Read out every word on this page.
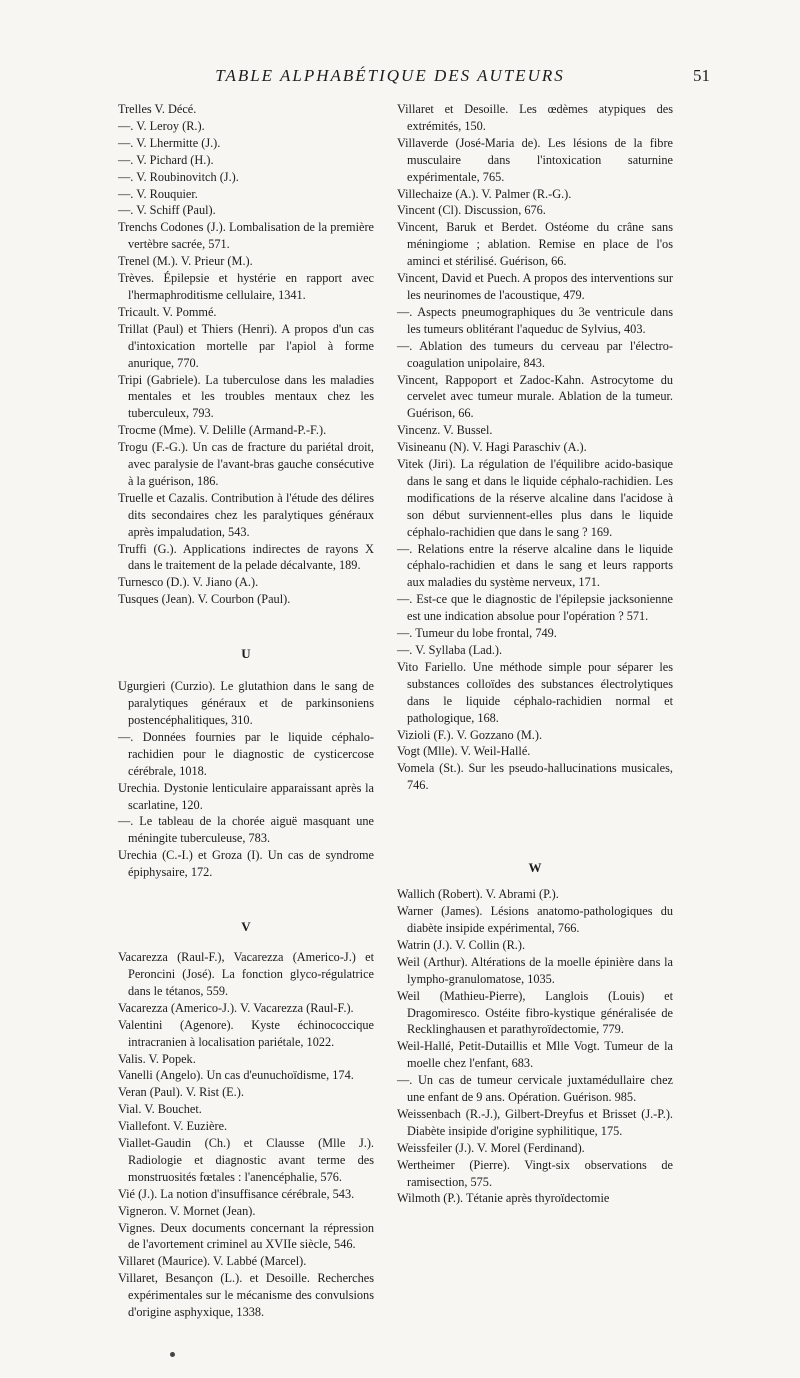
TABLE ALPHABÉTIQUE DES AUTEURS	51

Trelles V. Décé.

—. V. Leroy (R.).

—. V. Lhermitte (J.).

—. V. Pichard (H.).

—. V. Roubinovitch (J.).

—. V. Rouquier.

—. V. Schiff (Paul).

Trenchs Codones (J.). Lombalisation de la première vertèbre sacrée, 571.

Trenel (M.). V. Prieur (M.).

Trèves. Épilepsie et hystérie en rapport avec l'hermaphroditisme cellulaire, 1341.

Tricault. V. Pommé.

Trillat (Paul) et Thiers (Henri). A propos d'un cas d'intoxication mortelle par l'apiol à forme anurique, 770.

Tripi (Gabriele). La tuberculose dans les maladies mentales et les troubles mentaux chez les tuberculeux, 793.

Trocme (Mme). V. Delille (Armand-P.-F.).

Trogu (F.-G.). Un cas de fracture du pariétal droit, avec paralysie de l'avant-bras gauche consécutive à la guérison, 186.

Truelle et Cazalis. Contribution à l'étude des délires dits secondaires chez les paralytiques généraux après impaludation, 543.

Truffi (G.). Applications indirectes de rayons X dans le traitement de la pelade décalvante, 189.

Turnesco (D.). V. Jiano (A.).

Tusques (Jean). V. Courbon (Paul).

U

Ugurgieri (Curzio). Le glutathion dans le sang de paralytiques généraux et de parkinsoniens postencéphalitiques, 310.

—. Données fournies par le liquide céphalo-rachidien pour le diagnostic de cysticercose cérébrale, 1018.

Urechia. Dystonie lenticulaire apparaissant après la scarlatine, 120.

—. Le tableau de la chorée aiguë masquant une méningite tuberculeuse, 783.

Urechia (C.-I.) et Groza (I). Un cas de syndrome épiphysaire, 172.

V

Vacarezza (Raul-F.), Vacarezza (Americo-J.) et Peroncini (José). La fonction glyco-régulatrice dans le tétanos, 559.

Vacarezza (Americo-J.). V. Vacarezza (Raul-F.).

Valentini (Agenore). Kyste échinococcique intracranien à localisation pariétale, 1022.

Valis. V. Popek.

Vanelli (Angelo). Un cas d'eunuchoïdisme, 174.

Veran (Paul). V. Rist (E.).

Vial. V. Bouchet.

Viallefont. V. Euzière.

Viallet-Gaudin (Ch.) et Clausse (Mlle J.). Radiologie et diagnostic avant terme des monstruosités fœtales : l'anencéphalie, 576.

Vié (J.). La notion d'insuffisance cérébrale, 543.

Vigneron. V. Mornet (Jean).

Vignes. Deux documents concernant la répression de l'avortement criminel au XVIIe siècle, 546.

Villaret (Maurice). V. Labbé (Marcel).

Villaret, Besançon (L.). et Desoille. Recherches expérimentales sur le mécanisme des convulsions d'origine asphyxique, 1338.

Villaret et Desoille. Les œdèmes atypiques des extrémités, 150.

Villaverde (José-Maria de). Les lésions de la fibre musculaire dans l'intoxication saturnine expérimentale, 765.

Villechaize (A.). V. Palmer (R.-G.).

Vincent (Cl). Discussion, 676.

Vincent, Baruk et Berdet. Ostéome du crâne sans méningiome ; ablation. Remise en place de l'os aminci et stérilisé. Guérison, 66.

Vincent, David et Puech. A propos des interventions sur les neurinomes de l'acoustique, 479.

—. Aspects pneumographiques du 3e ventricule dans les tumeurs oblitérant l'aqueduc de Sylvius, 403.

—. Ablation des tumeurs du cerveau par l'électro-coagulation unipolaire, 843.

Vincent, Rappoport et Zadoc-Kahn. Astrocytome du cervelet avec tumeur murale. Ablation de la tumeur. Guérison, 66.

Vincenz. V. Bussel.

Visineanu (N). V. Hagi Paraschiv (A.).

Vitek (Jiri). La régulation de l'équilibre acido-basique dans le sang et dans le liquide céphalo-rachidien. Les modifications de la réserve alcaline dans l'acidose à son début surviennent-elles plus dans le liquide céphalo-rachidien que dans le sang ? 169.

—. Relations entre la réserve alcaline dans le liquide céphalo-rachidien et dans le sang et leurs rapports aux maladies du système nerveux, 171.

—. Est-ce que le diagnostic de l'épilepsie jacksonienne est une indication absolue pour l'opération ? 571.

—. Tumeur du lobe frontal, 749.

—. V. Syllaba (Lad.).

Vito Fariello. Une méthode simple pour séparer les substances colloïdes des substances électrolytiques dans le liquide céphalo-rachidien normal et pathologique, 168.

Vizioli (F.). V. Gozzano (M.).

Vogt (Mlle). V. Weil-Hallé.

Vomela (St.). Sur les pseudo-hallucinations musicales, 746.

W

Wallich (Robert). V. Abrami (P.).

Warner (James). Lésions anatomo-pathologiques du diabète insipide expérimental, 766.

Watrin (J.). V. Collin (R.).

Weil (Arthur). Altérations de la moelle épinière dans la lympho-granulomatose, 1035.

Weil (Mathieu-Pierre), Langlois (Louis) et Dragomiresco. Ostéite fibro-kystique généralisée de Recklinghausen et parathyroïdectomie, 779.

Weil-Hallé, Petit-Dutaillis et Mlle Vogt. Tumeur de la moelle chez l'enfant, 683.

—. Un cas de tumeur cervicale juxtamédullaire chez une enfant de 9 ans. Opération. Guérison. 985.

Weissenbach (R.-J.), Gilbert-Dreyfus et Brisset (J.-P.). Diabète insipide d'origine syphilitique, 175.

Weissfeiler (J.). V. Morel (Ferdinand).

Wertheimer (Pierre). Vingt-six observations de ramisection, 575.

Wilmoth (P.). Tétanie après thyroïdectomie
